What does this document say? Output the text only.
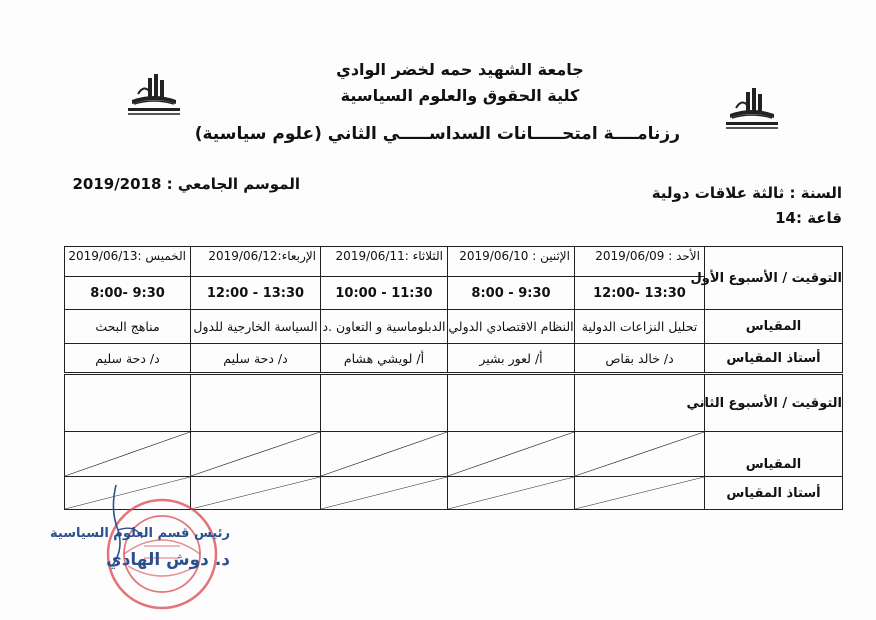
جامعة الشهيد حمه لخضر الوادي
كلية الحقوق والعلوم السياسية
رزنامــــة امتحـــــانات السداســـــي الثاني (علوم سياسية)
الموسم الجامعي : 2019/2018	السنة : ثالثة علاقات دولية
قاعة :14
التوقيت / الأسبوع الأول	الأحد : 2019/06/09	الإثنين : 2019/06/10	الثلاثاء :2019/06/11	الإربعاء:2019/06/12	الخميس :2019/06/13
	13:30 -12:00	9:30 - 8:00	11:30 - 10:00	13:30 - 12:00	9:30 -8:00
المقياس	تحليل النزاعات الدولية	النظام الاقتصادي الدولي	الدبلوماسية و التعاون .د	السياسة الخارجية للدول	مناهج البحث
أستاذ المقياس	د/ خالد بقاص	أ/ لعور بشير	أ/ لويشي هشام	د/ دحة سليم	د/ دحة سليم
التوقيت / الأسبوع الثاني					
المقياس	

أستاذ المقياس	

رئيس قسم العلوم السياسية
د. دوش الهادي
